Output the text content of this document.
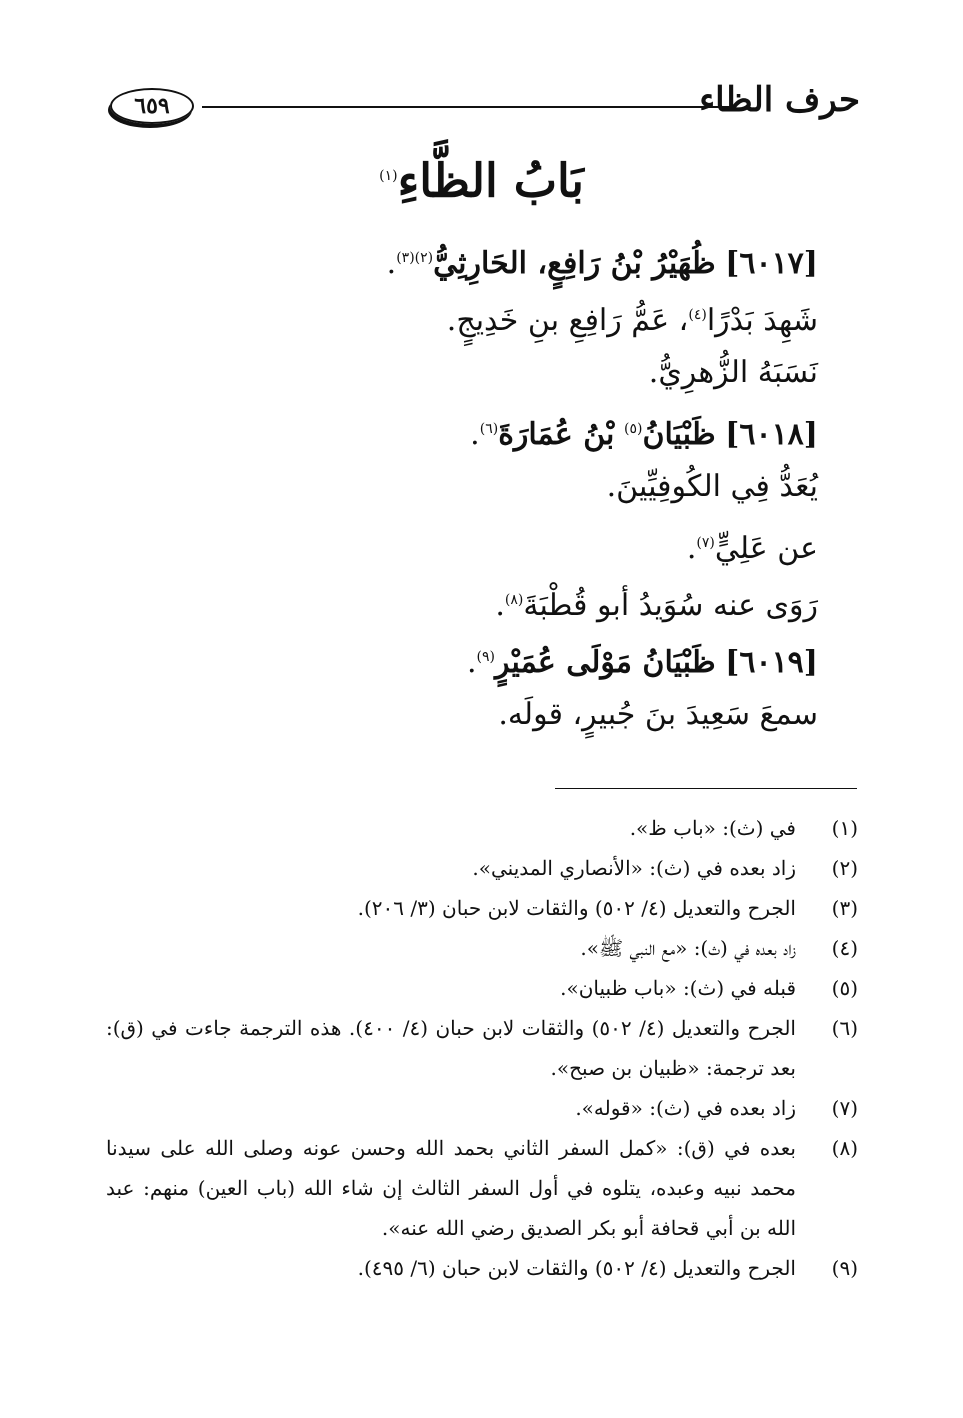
حرف الظاء
٦٥٩
بَابُ الظَّاءِ$^{(١)}$
[٦٠١٧] ظُهَيْرُ بْنُ رَافِعٍ، الحَارِثِيُّ$^{(٢)(٣)}$.
شَهِدَ بَدْرًا$^{(٤)}$، عَمُّ رَافِعِ بنِ خَدِيجٍ.
نَسَبَهُ الزُّهرِيُّ.
[٦٠١٨] ظَبْيَانُ$^{(٥)}$ بْنُ عُمَارَةَ$^{(٦)}$.
يُعَدُّ فِي الكُوفِيِّينَ.
عن عَلِيٍّ$^{(٧)}$.
رَوَى عنه سُوَيدُ أبو قُطْبَةَ$^{(٨)}$.
[٦٠١٩] ظَبْيَانُ مَوْلَى عُمَيْرٍ$^{(٩)}$.
سمعَ سَعِيدَ بنَ جُبيرٍ، قولَه.
(١)
في (ث): «باب ظ».
(٢)
زاد بعده في (ث): «الأنصاري المديني».
(٣)
الجرح والتعديل (٤/ ٥٠٢) والثقات لابن حبان (٣/ ٢٠٦).
(٤)
زاد بعده في (ث): «مع النبي ﷺ».
(٥)
قبله في (ث): «باب ظبيان».
(٦)
الجرح والتعديل (٤/ ٥٠٢) والثقات لابن حبان (٤/ ٤٠٠). هذه الترجمة جاءت في (ق): بعد ترجمة: «ظبيان بن صبح».
(٧)
زاد بعده في (ث): «قوله».
(٨)
بعده في (ق): «كمل السفر الثاني بحمد الله وحسن عونه وصلى الله على سيدنا محمد نبيه وعبده، يتلوه في أول السفر الثالث إن شاء الله (باب العين) منهم: عبد الله بن أبي قحافة أبو بكر الصديق رضي الله عنه».
(٩)
الجرح والتعديل (٤/ ٥٠٢) والثقات لابن حبان (٦/ ٤٩٥).
